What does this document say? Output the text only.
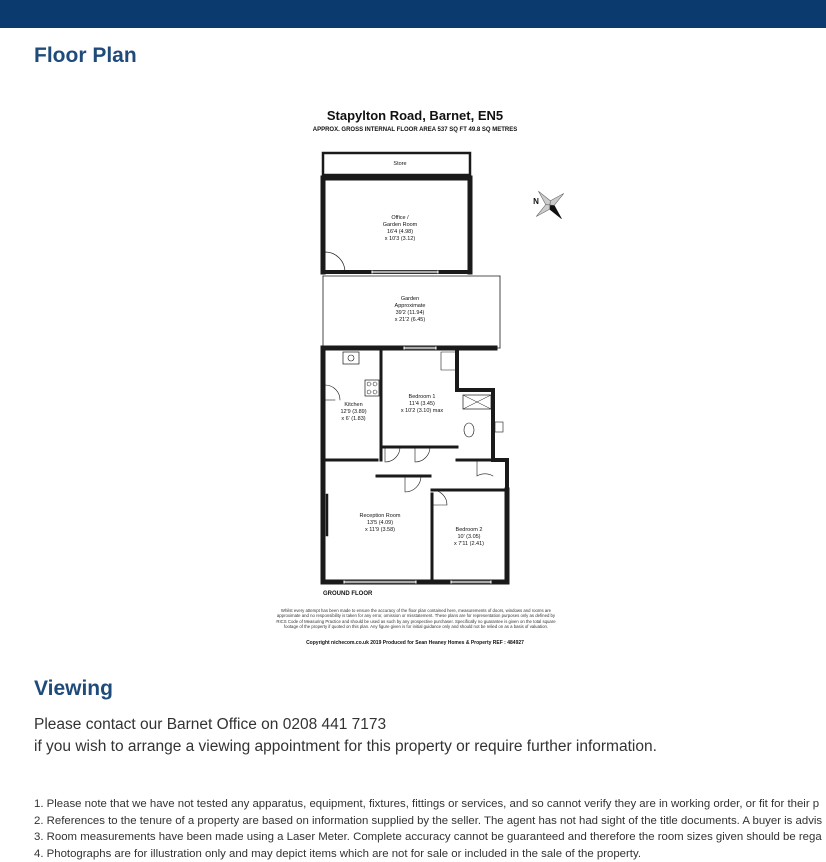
Floor Plan
Stapylton Road, Barnet, EN5
APPROX. GROSS INTERNAL FLOOR AREA 537 SQ FT 49.8 SQ METRES
N
Store
Office /
Garden Room
16'4 (4.98)
x 10'3 (3.12)
Garden
Approximate
39'2 (11.94)
x 21'2 (6.45)
Kitchen
12'9 (3.89)
x 6' (1.83)
Bedroom 1
11'4 (3.45)
x 10'2 (3.10) max
Reception Room
13'5 (4.09)
x 11'9 (3.58)	Bedroom 2
10' (3.05)
x 7'11 (2.41)
GROUND FLOOR
Whilst every attempt has been made to ensure the accuracy of the floor plan contained here, measurements of doors, windows and rooms are approximate and no responsibility is taken for any error, omission or misstatement. These plans are for representation purposes only as defined by RICS Code of Measuring Practice and should be used as such by any prospective purchaser. Specifically no guarantee is given on the total square footage of the property if quoted on this plan. Any figure given is for initial guidance only and should not be relied on as a basis of valuation.
Copyright nichecom.co.uk 2019 Produced for Sean Heaney Homes & Property REF : 484927
Viewing
Please contact our Barnet Office on 0208 441 7173
if you wish to arrange a viewing appointment for this property or require further information.

1. Please note that we have not tested any apparatus, equipment, fixtures, fittings or services, and so cannot verify they are in working order, or fit for their p

2. References to the tenure of a property are based on information supplied by the seller. The agent has not had sight of the title documents. A buyer is advis

3. Room measurements have been made using a Laser Meter. Complete accuracy cannot be guaranteed and therefore the room sizes given should be rega

4. Photographs are for illustration only and may depict items which are not for sale or included in the sale of the property.
